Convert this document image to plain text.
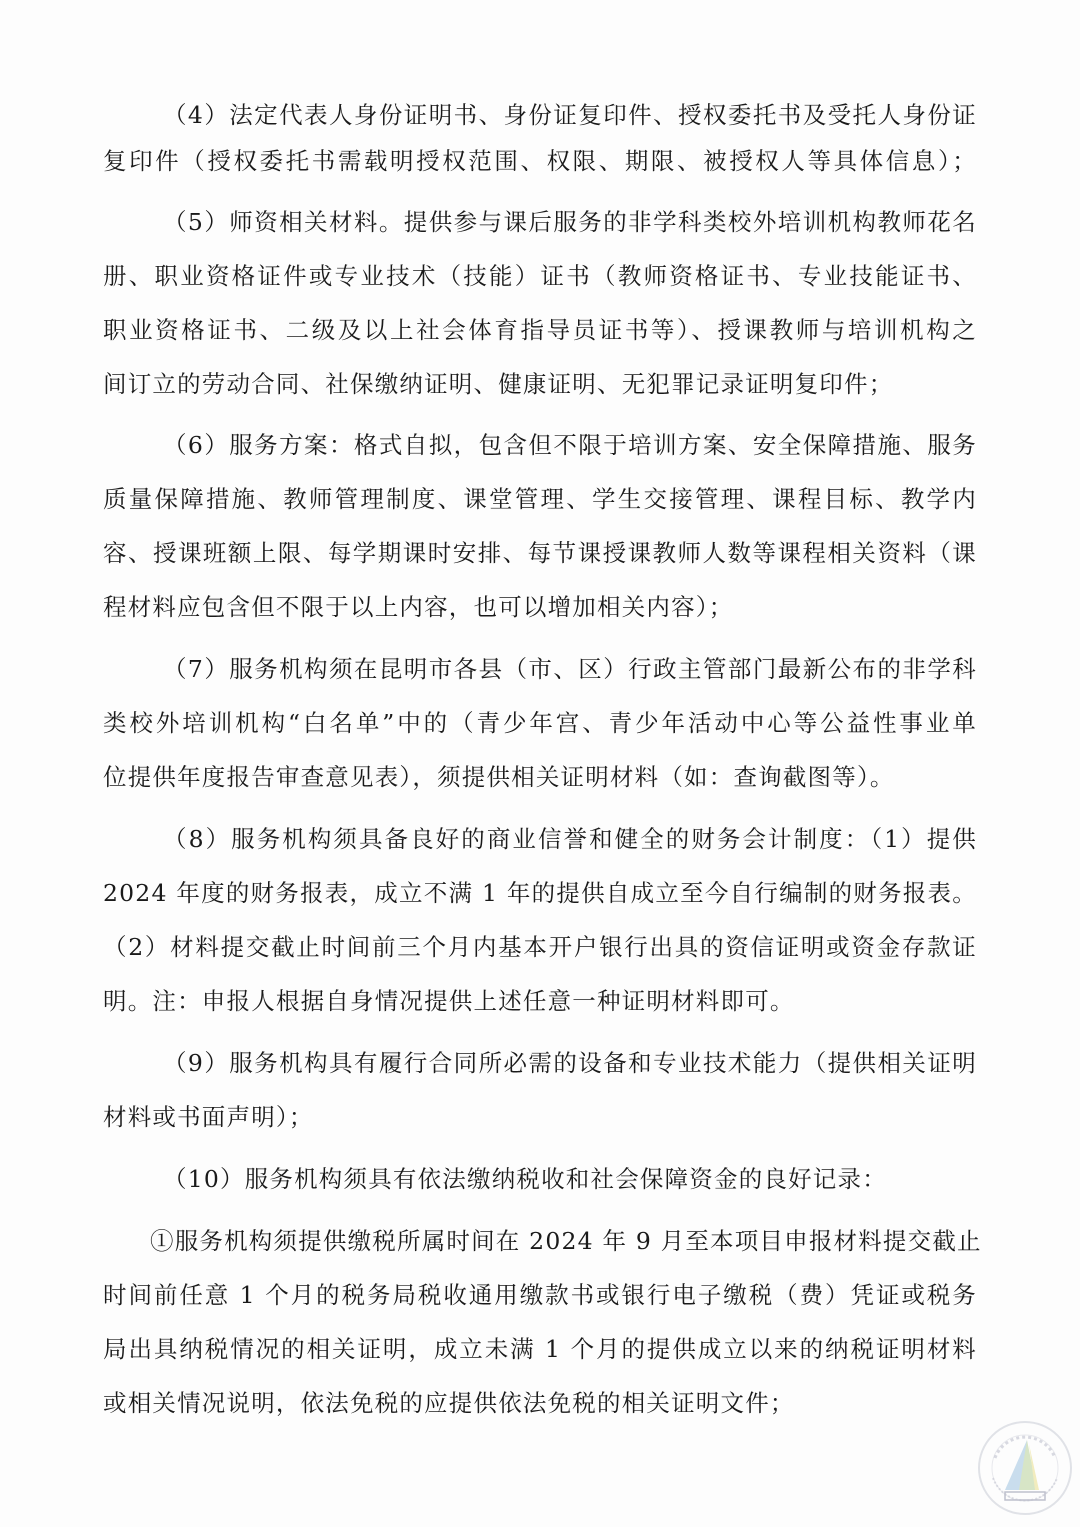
（4）法定代表人身份证明书、身份证复印件、授权委托书及受托人身份证
复印件（授权委托书需载明授权范围、权限、期限、被授权人等具体信息）；
（5）师资相关材料。提供参与课后服务的非学科类校外培训机构教师花名
册、职业资格证件或专业技术（技能）证书（教师资格证书、专业技能证书、
职业资格证书、二级及以上社会体育指导员证书等）、授课教师与培训机构之
间订立的劳动合同、社保缴纳证明、健康证明、无犯罪记录证明复印件；
（6）服务方案：格式自拟，包含但不限于培训方案、安全保障措施、服务
质量保障措施、教师管理制度、课堂管理、学生交接管理、课程目标、教学内
容、授课班额上限、每学期课时安排、每节课授课教师人数等课程相关资料（课
程材料应包含但不限于以上内容，也可以增加相关内容）；
（7）服务机构须在昆明市各县（市、区）行政主管部门最新公布的非学科
类校外培训机构“白名单”中的（青少年宫、青少年活动中心等公益性事业单
位提供年度报告审查意见表），须提供相关证明材料（如：查询截图等）。
（8）服务机构须具备良好的商业信誉和健全的财务会计制度：（1）提供
2024 年度的财务报表，成立不满 1 年的提供自成立至今自行编制的财务报表。
（2）材料提交截止时间前三个月内基本开户银行出具的资信证明或资金存款证
明。注：申报人根据自身情况提供上述任意一种证明材料即可。
（9）服务机构具有履行合同所必需的设备和专业技术能力（提供相关证明
材料或书面声明）；
（10）服务机构须具有依法缴纳税收和社会保障资金的良好记录：
①服务机构须提供缴税所属时间在 2024 年 9 月至本项目申报材料提交截止
时间前任意 1 个月的税务局税收通用缴款书或银行电子缴税（费）凭证或税务
局出具纳税情况的相关证明，成立未满 1 个月的提供成立以来的纳税证明材料
或相关情况说明，依法免税的应提供依法免税的相关证明文件；
